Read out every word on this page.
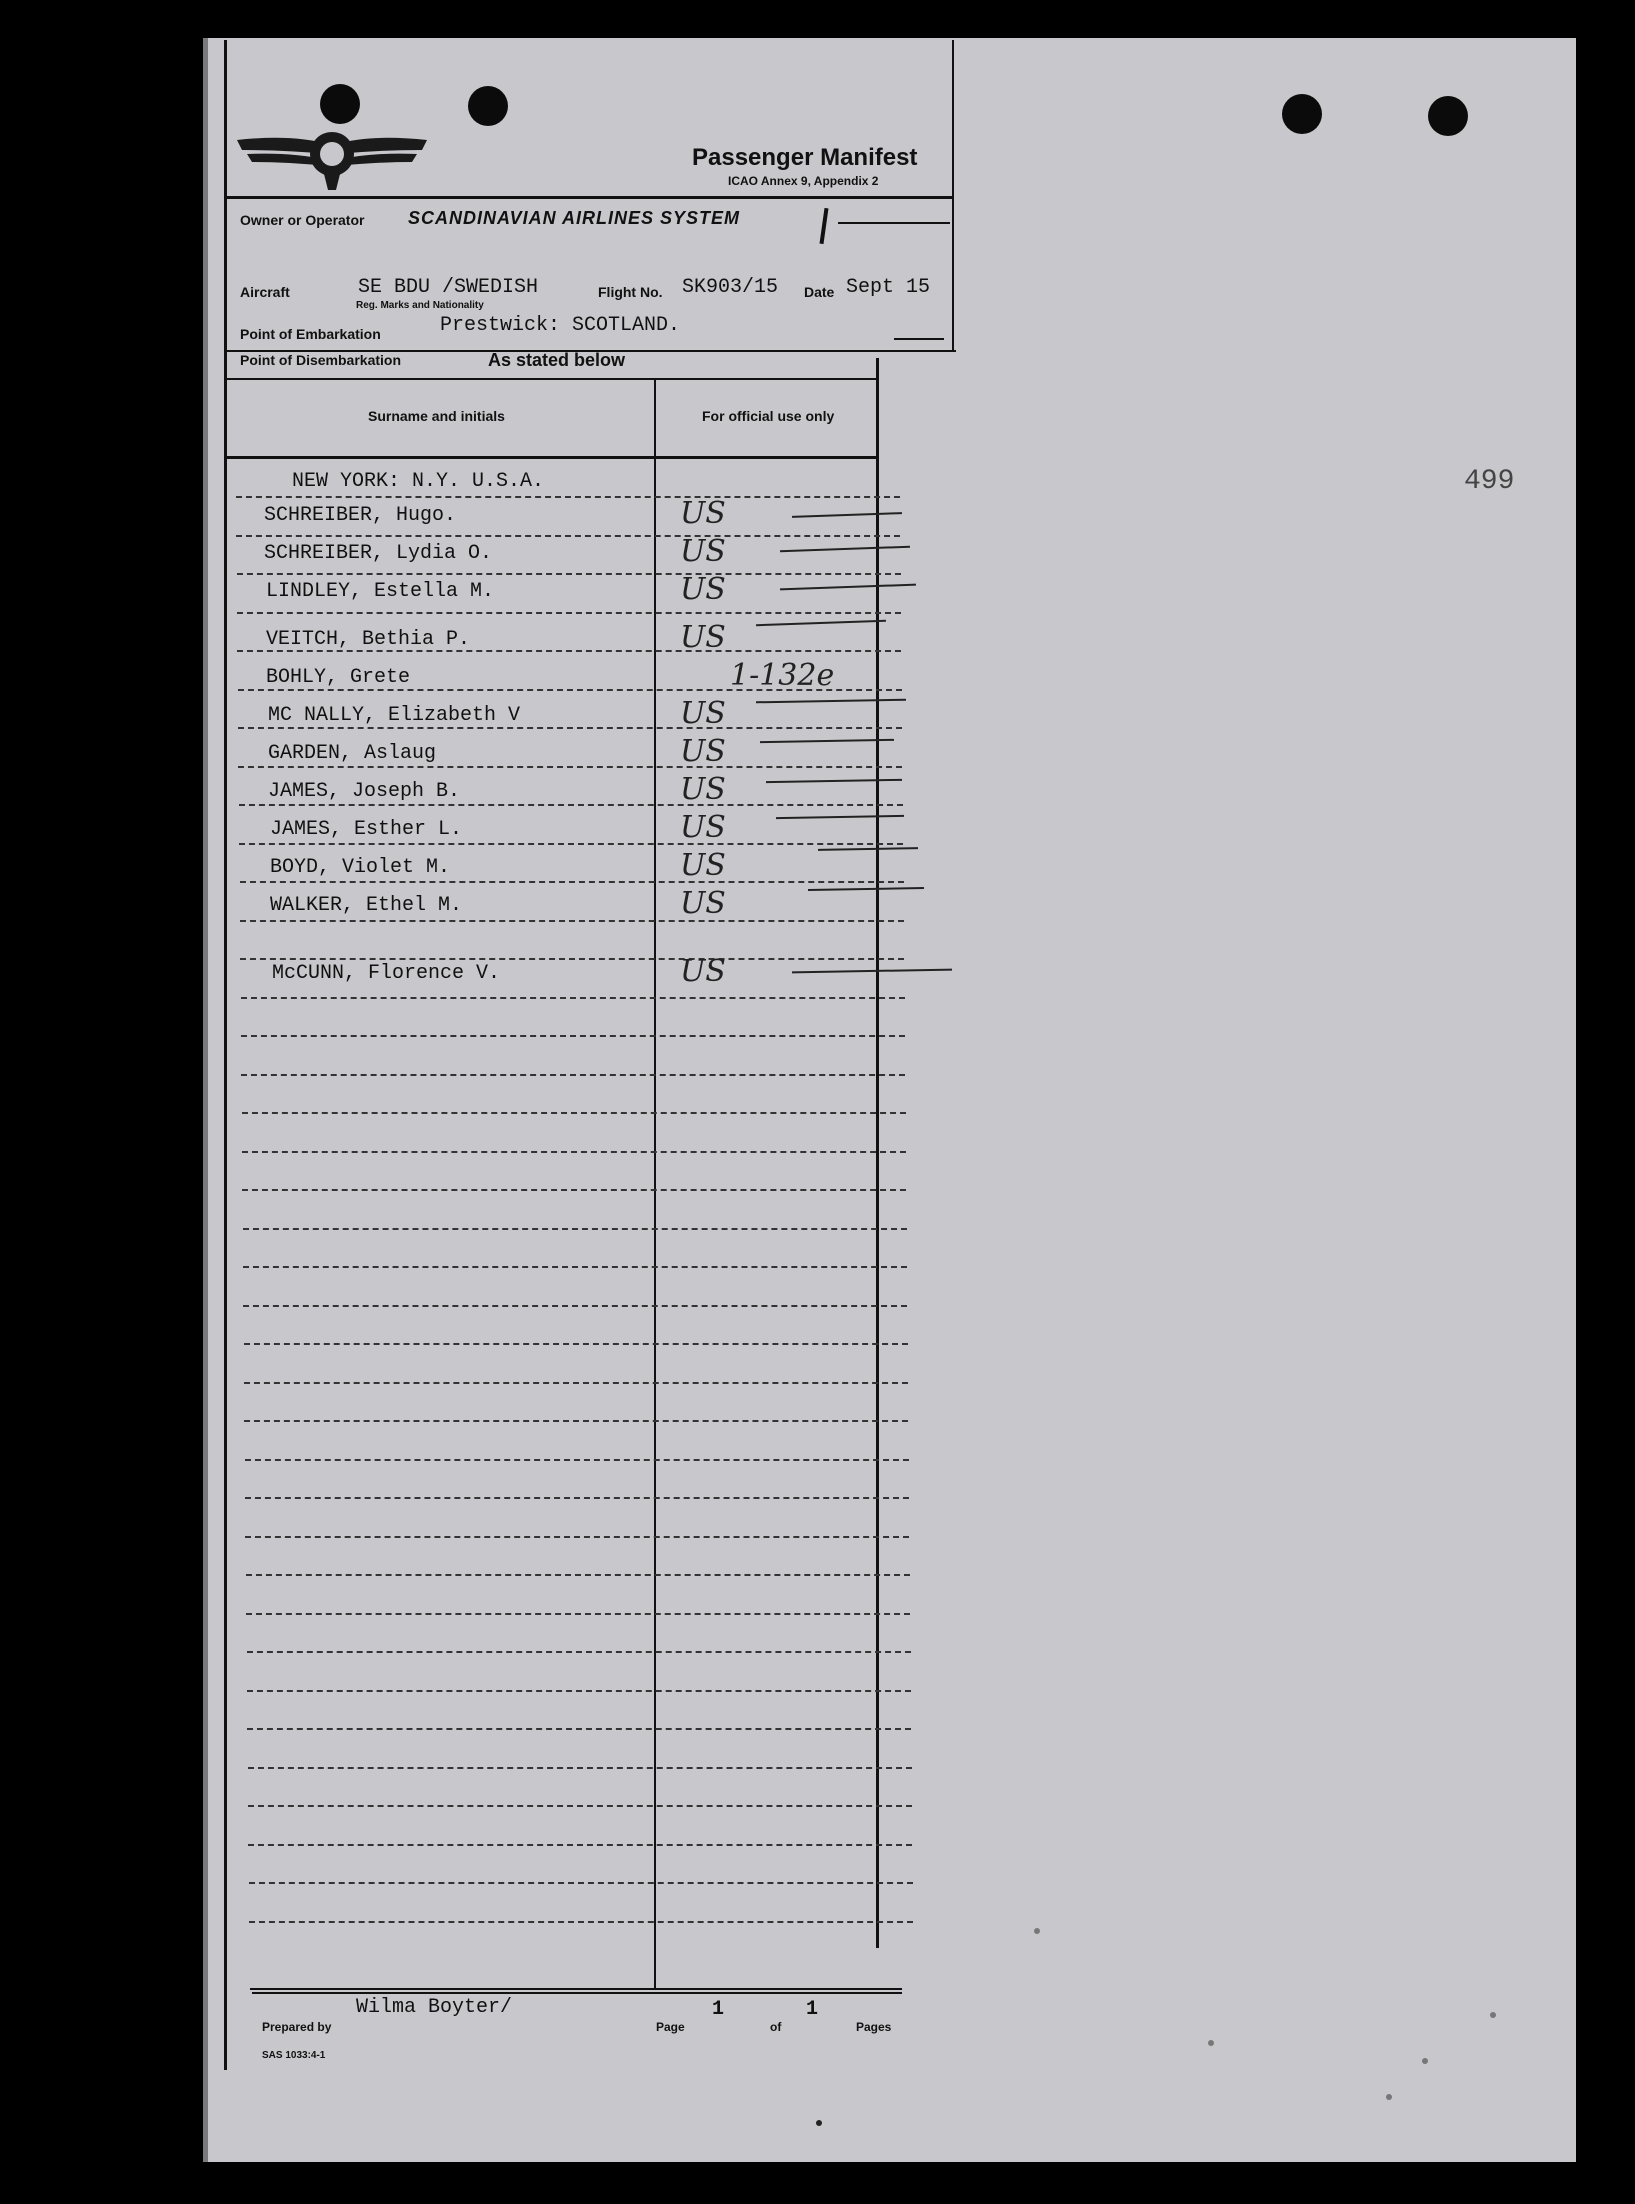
Passenger Manifest
ICAO Annex 9, Appendix 2
Owner or Operator SCANDINAVIAN AIRLINES SYSTEM
Aircraft	SE BDU /SWEDISH
Reg. Marks and Nationality
Flight No. SK903/15 Date Sept 15
Point of Embarkation	Prestwick: SCOTLAND.
Point of Disembarkation	As stated below
Surname and initials	For official use only
NEW YORK: N.Y. U.S.A.
SCHREIBER, Hugo.	US
SCHREIBER, Lydia O.	US
LINDLEY, Estella M.	US
VEITCH, Bethia P.	US
BOHLY, Grete	1-132e
MC NALLY, Elizabeth V	US
GARDEN, Aslaug	US
JAMES, Joseph B.	US
JAMES, Esther L.	US
BOYD, Violet M.	US
WALKER, Ethel M.	US
McCUNN, Florence V.	US
499
Prepared by
Wilma Boyter/
Page
1
of
1
Pages
SAS 1033:4-1
